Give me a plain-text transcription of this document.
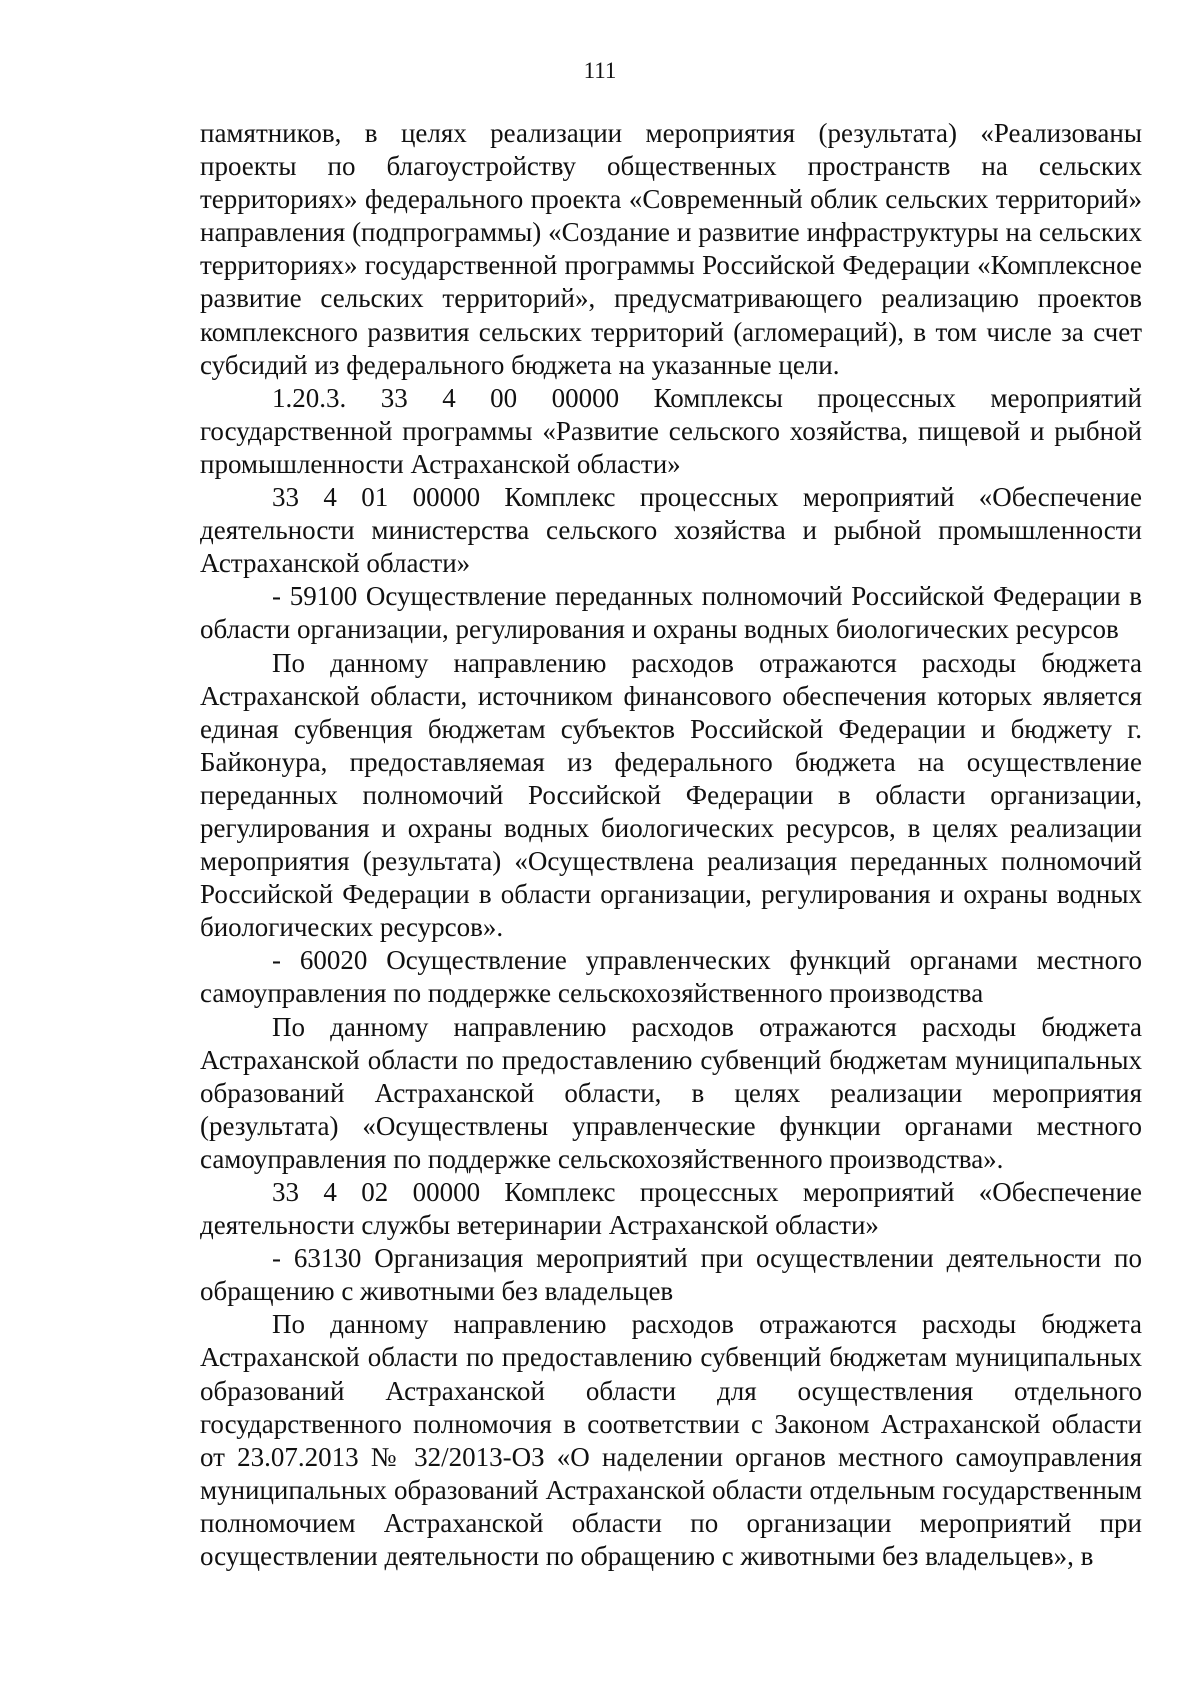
111

памятников, в целях реализации мероприятия (результата) «Реализованы проекты по благоустройству общественных пространств на сельских территориях» федерального проекта «Современный облик сельских территорий» направления (подпрограммы) «Создание и развитие инфраструктуры на сельских территориях» государственной программы Российской Федерации «Комплексное развитие сельских территорий», предусматривающего реализацию проектов комплексного развития сельских территорий (агломераций), в том числе за счет субсидий из федерального бюджета на указанные цели.

1.20.3. 33 4 00 00000 Комплексы процессных мероприятий государственной программы «Развитие сельского хозяйства, пищевой и рыбной промышленности Астраханской области»

33 4 01 00000 Комплекс процессных мероприятий «Обеспечение деятельности министерства сельского хозяйства и рыбной промышленности Астраханской области»

- 59100 Осуществление переданных полномочий Российской Федерации в области организации, регулирования и охраны водных биологических ресурсов

По данному направлению расходов отражаются расходы бюджета Астраханской области, источником финансового обеспечения которых является единая субвенция бюджетам субъектов Российской Федерации и бюджету г. Байконура, предоставляемая из федерального бюджета на осуществление переданных полномочий Российской Федерации в области организации, регулирования и охраны водных биологических ресурсов, в целях реализации мероприятия (результата) «Осуществлена реализация переданных полномочий Российской Федерации в области организации, регулирования и охраны водных биологических ресурсов».

- 60020 Осуществление управленческих функций органами местного самоуправления по поддержке сельскохозяйственного производства

По данному направлению расходов отражаются расходы бюджета Астраханской области по предоставлению субвенций бюджетам муниципальных образований Астраханской области, в целях реализации мероприятия (результата) «Осуществлены управленческие функции органами местного самоуправления по поддержке сельскохозяйственного производства».

33 4 02 00000 Комплекс процессных мероприятий «Обеспечение деятельности службы ветеринарии Астраханской области»

- 63130 Организация мероприятий при осуществлении деятельности по обращению с животными без владельцев

По данному направлению расходов отражаются расходы бюджета Астраханской области по предоставлению субвенций бюджетам муниципальных образований Астраханской области для осуществления отдельного государственного полномочия в соответствии с Законом Астраханской области от 23.07.2013 № 32/2013-ОЗ «О наделении органов местного самоуправления муниципальных образований Астраханской области отдельным государственным полномочием Астраханской области по организации мероприятий при осуществлении деятельности по обращению с животными без владельцев», в
